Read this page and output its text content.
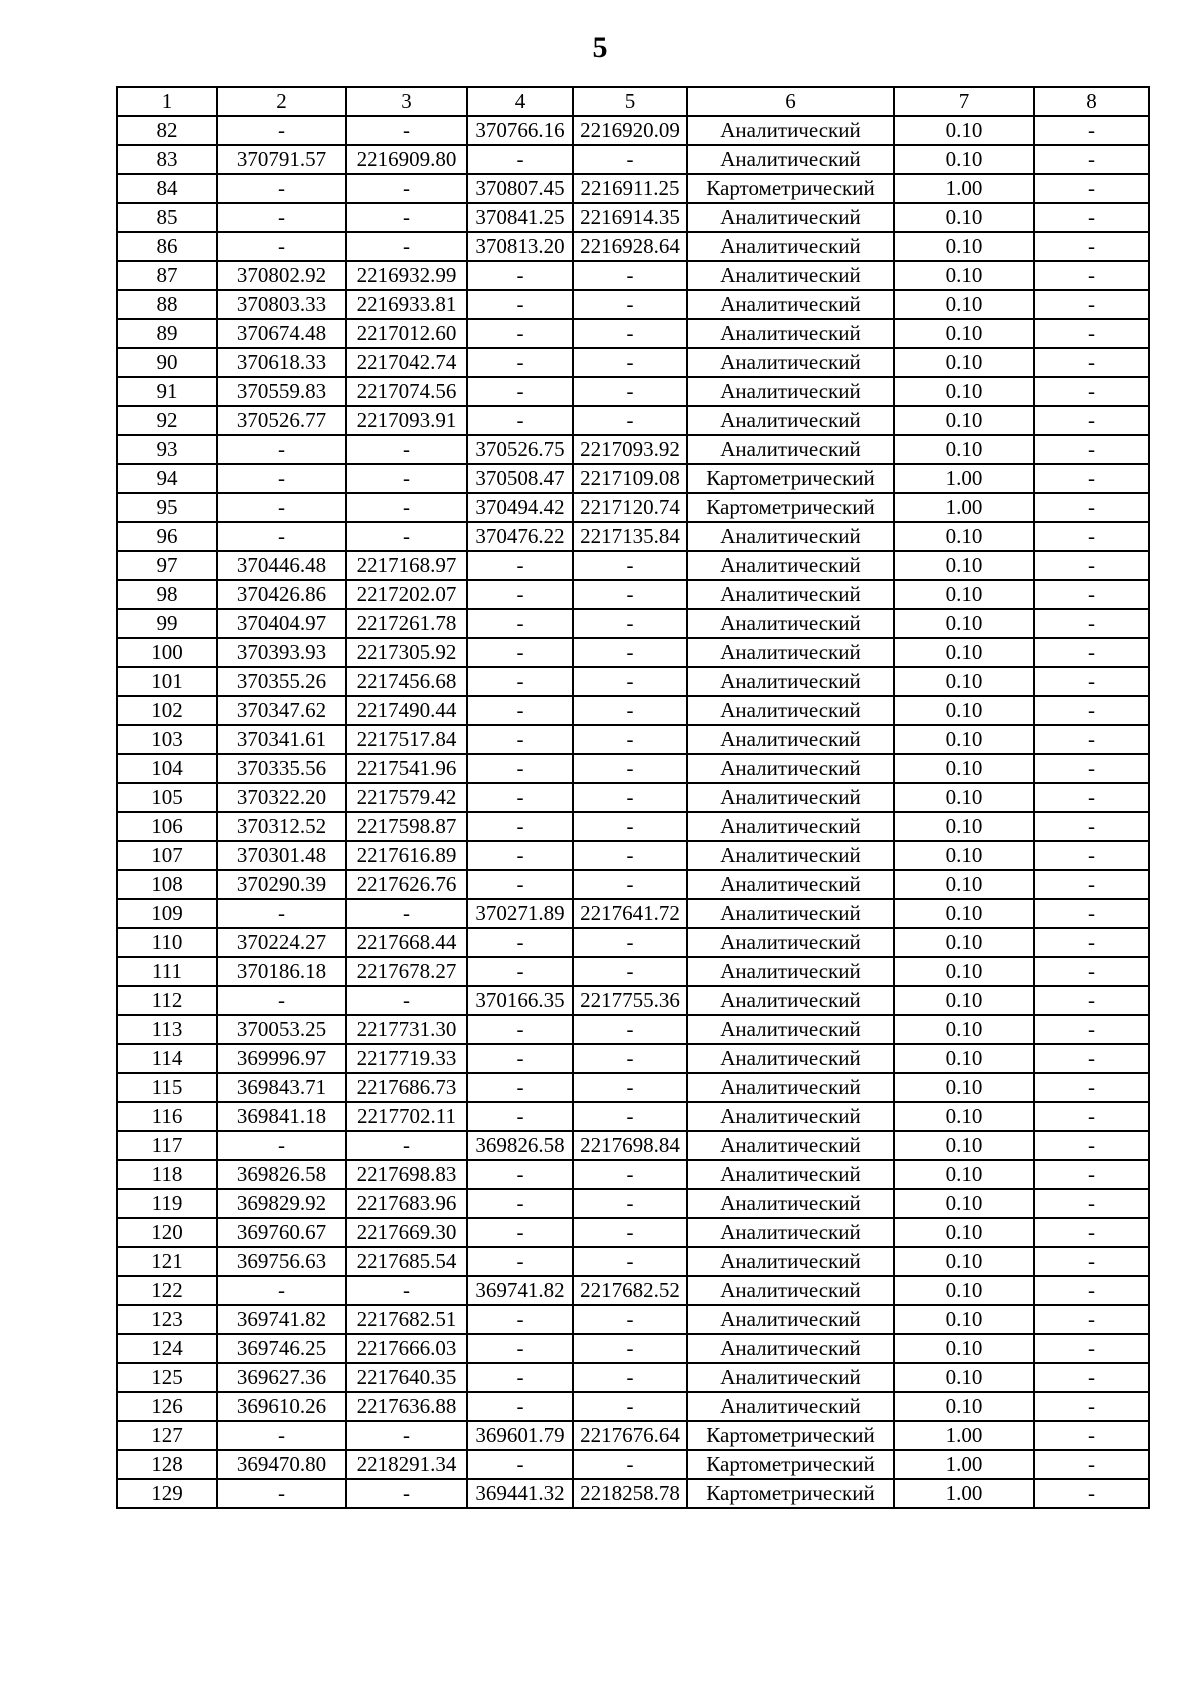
5
1	2	3	4	5	6	7	8
82	-	-	370766.16	2216920.09	Аналитический	0.10	-
83	370791.57	2216909.80	-	-	Аналитический	0.10	-
84	-	-	370807.45	2216911.25	Картометрический	1.00	-
85	-	-	370841.25	2216914.35	Аналитический	0.10	-
86	-	-	370813.20	2216928.64	Аналитический	0.10	-
87	370802.92	2216932.99	-	-	Аналитический	0.10	-
88	370803.33	2216933.81	-	-	Аналитический	0.10	-
89	370674.48	2217012.60	-	-	Аналитический	0.10	-
90	370618.33	2217042.74	-	-	Аналитический	0.10	-
91	370559.83	2217074.56	-	-	Аналитический	0.10	-
92	370526.77	2217093.91	-	-	Аналитический	0.10	-
93	-	-	370526.75	2217093.92	Аналитический	0.10	-
94	-	-	370508.47	2217109.08	Картометрический	1.00	-
95	-	-	370494.42	2217120.74	Картометрический	1.00	-
96	-	-	370476.22	2217135.84	Аналитический	0.10	-
97	370446.48	2217168.97	-	-	Аналитический	0.10	-
98	370426.86	2217202.07	-	-	Аналитический	0.10	-
99	370404.97	2217261.78	-	-	Аналитический	0.10	-
100	370393.93	2217305.92	-	-	Аналитический	0.10	-
101	370355.26	2217456.68	-	-	Аналитический	0.10	-
102	370347.62	2217490.44	-	-	Аналитический	0.10	-
103	370341.61	2217517.84	-	-	Аналитический	0.10	-
104	370335.56	2217541.96	-	-	Аналитический	0.10	-
105	370322.20	2217579.42	-	-	Аналитический	0.10	-
106	370312.52	2217598.87	-	-	Аналитический	0.10	-
107	370301.48	2217616.89	-	-	Аналитический	0.10	-
108	370290.39	2217626.76	-	-	Аналитический	0.10	-
109	-	-	370271.89	2217641.72	Аналитический	0.10	-
110	370224.27	2217668.44	-	-	Аналитический	0.10	-
111	370186.18	2217678.27	-	-	Аналитический	0.10	-
112	-	-	370166.35	2217755.36	Аналитический	0.10	-
113	370053.25	2217731.30	-	-	Аналитический	0.10	-
114	369996.97	2217719.33	-	-	Аналитический	0.10	-
115	369843.71	2217686.73	-	-	Аналитический	0.10	-
116	369841.18	2217702.11	-	-	Аналитический	0.10	-
117	-	-	369826.58	2217698.84	Аналитический	0.10	-
118	369826.58	2217698.83	-	-	Аналитический	0.10	-
119	369829.92	2217683.96	-	-	Аналитический	0.10	-
120	369760.67	2217669.30	-	-	Аналитический	0.10	-
121	369756.63	2217685.54	-	-	Аналитический	0.10	-
122	-	-	369741.82	2217682.52	Аналитический	0.10	-
123	369741.82	2217682.51	-	-	Аналитический	0.10	-
124	369746.25	2217666.03	-	-	Аналитический	0.10	-
125	369627.36	2217640.35	-	-	Аналитический	0.10	-
126	369610.26	2217636.88	-	-	Аналитический	0.10	-
127	-	-	369601.79	2217676.64	Картометрический	1.00	-
128	369470.80	2218291.34	-	-	Картометрический	1.00	-
129	-	-	369441.32	2218258.78	Картометрический	1.00	-
